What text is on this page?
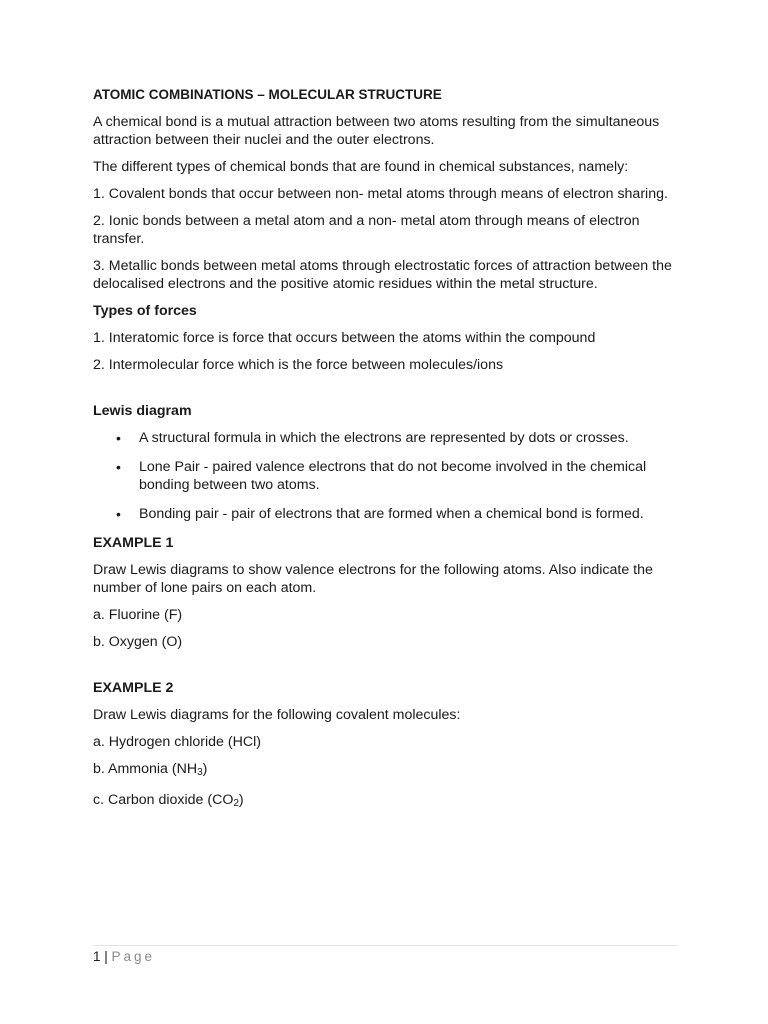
ATOMIC COMBINATIONS – MOLECULAR STRUCTURE

A chemical bond is a mutual attraction between two atoms resulting from the simultaneous attraction between their nuclei and the outer electrons.

The different types of chemical bonds that are found in chemical substances, namely:

1. Covalent bonds that occur between non- metal atoms through means of electron sharing.

2. Ionic bonds between a metal atom and a non- metal atom through means of electron transfer.

3. Metallic bonds between metal atoms through electrostatic forces of attraction between the delocalised electrons and the positive atomic residues within the metal structure.

Types of forces

1. Interatomic force is force that occurs between the atoms within the compound

2. Intermolecular force which is the force between molecules/ions

Lewis diagram
• A structural formula in which the electrons are represented by dots or crosses.
• Lone Pair - paired valence electrons that do not become involved in the chemical bonding between two atoms.
• Bonding pair - pair of electrons that are formed when a chemical bond is formed.
EXAMPLE 1

Draw Lewis diagrams to show valence electrons for the following atoms. Also indicate the number of lone pairs on each atom.

a. Fluorine (F)

b. Oxygen (O)

EXAMPLE 2

Draw Lewis diagrams for the following covalent molecules:

a. Hydrogen chloride (HCl)

b. Ammonia $(NH_3)$

c. Carbon dioxide $(CO_2)$

1 | Page
